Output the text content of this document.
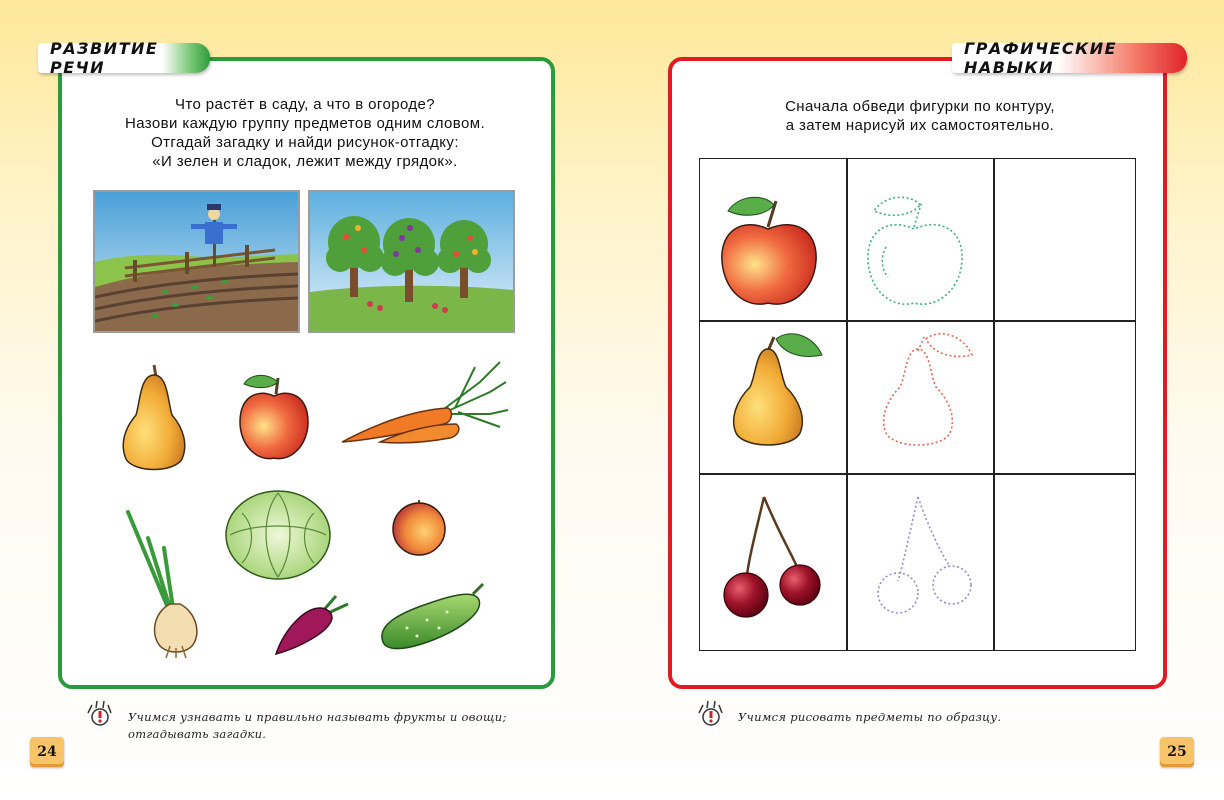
РАЗВИТИЕ РЕЧИ
Что растёт в саду, а что в огороде?
Назови каждую группу предметов одним словом.
Отгадай загадку и найди рисунок-отгадку:
«И зелен и сладок, лежит между грядок».
Учимся узнавать и правильно называть фрукты и овощи; отгадывать загадки.
24
ГРАФИЧЕСКИЕ НАВЫКИ
Сначала обведи фигурки по контуру,
а затем нарисуй их самостоятельно.
Учимся рисовать предметы по образцу.
25
